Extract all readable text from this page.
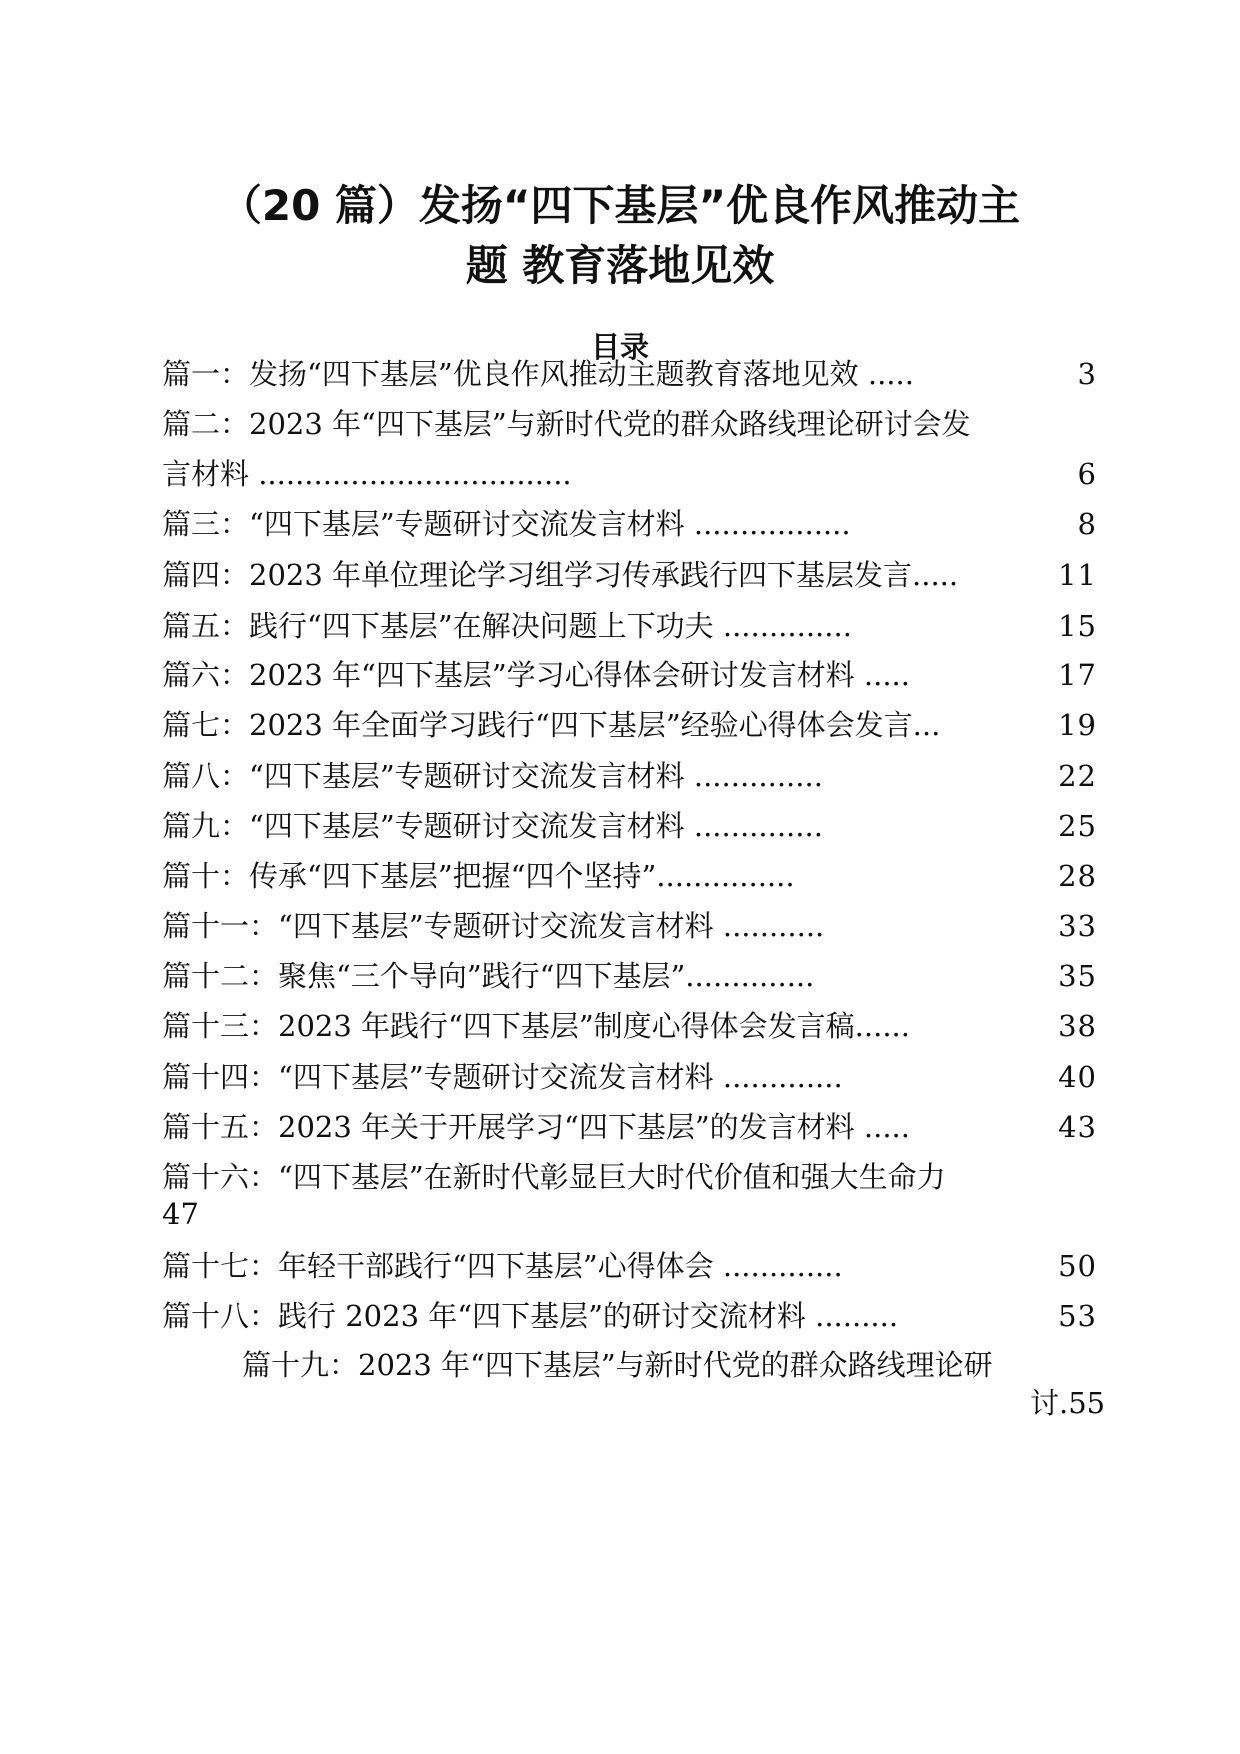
（20 篇）发扬“四下基层”优良作风推动主
题 教育落地见效
目录
篇一：发扬“四下基层”优良作风推动主题教育落地见效 .....	3
篇二：2023 年“四下基层”与新时代党的群众路线理论研讨会发
言材料 ..................................	6
篇三：“四下基层”专题研讨交流发言材料 .................	8
篇四：2023 年单位理论学习组学习传承践行四下基层发言.....	11
篇五：践行“四下基层”在解决问题上下功夫 ..............	15
篇六：2023 年“四下基层”学习心得体会研讨发言材料 .....	17
篇七：2023 年全面学习践行“四下基层”经验心得体会发言...	19
篇八：“四下基层”专题研讨交流发言材料 ..............	22
篇九：“四下基层”专题研讨交流发言材料 ..............	25
篇十：传承“四下基层”把握“四个坚持”...............	28
篇十一：“四下基层”专题研讨交流发言材料 ...........	33
篇十二：聚焦“三个导向”践行“四下基层”..............	35
篇十三：2023 年践行“四下基层”制度心得体会发言稿......	38
篇十四：“四下基层”专题研讨交流发言材料 .............	40
篇十五：2023 年关于开展学习“四下基层”的发言材料 .....	43
篇十六：“四下基层”在新时代彰显巨大时代价值和强大生命力
47
篇十七：年轻干部践行“四下基层”心得体会 .............	50
篇十八：践行 2023 年“四下基层”的研讨交流材料 .........	53
篇十九：2023 年“四下基层”与新时代党的群众路线理论研
讨.55
